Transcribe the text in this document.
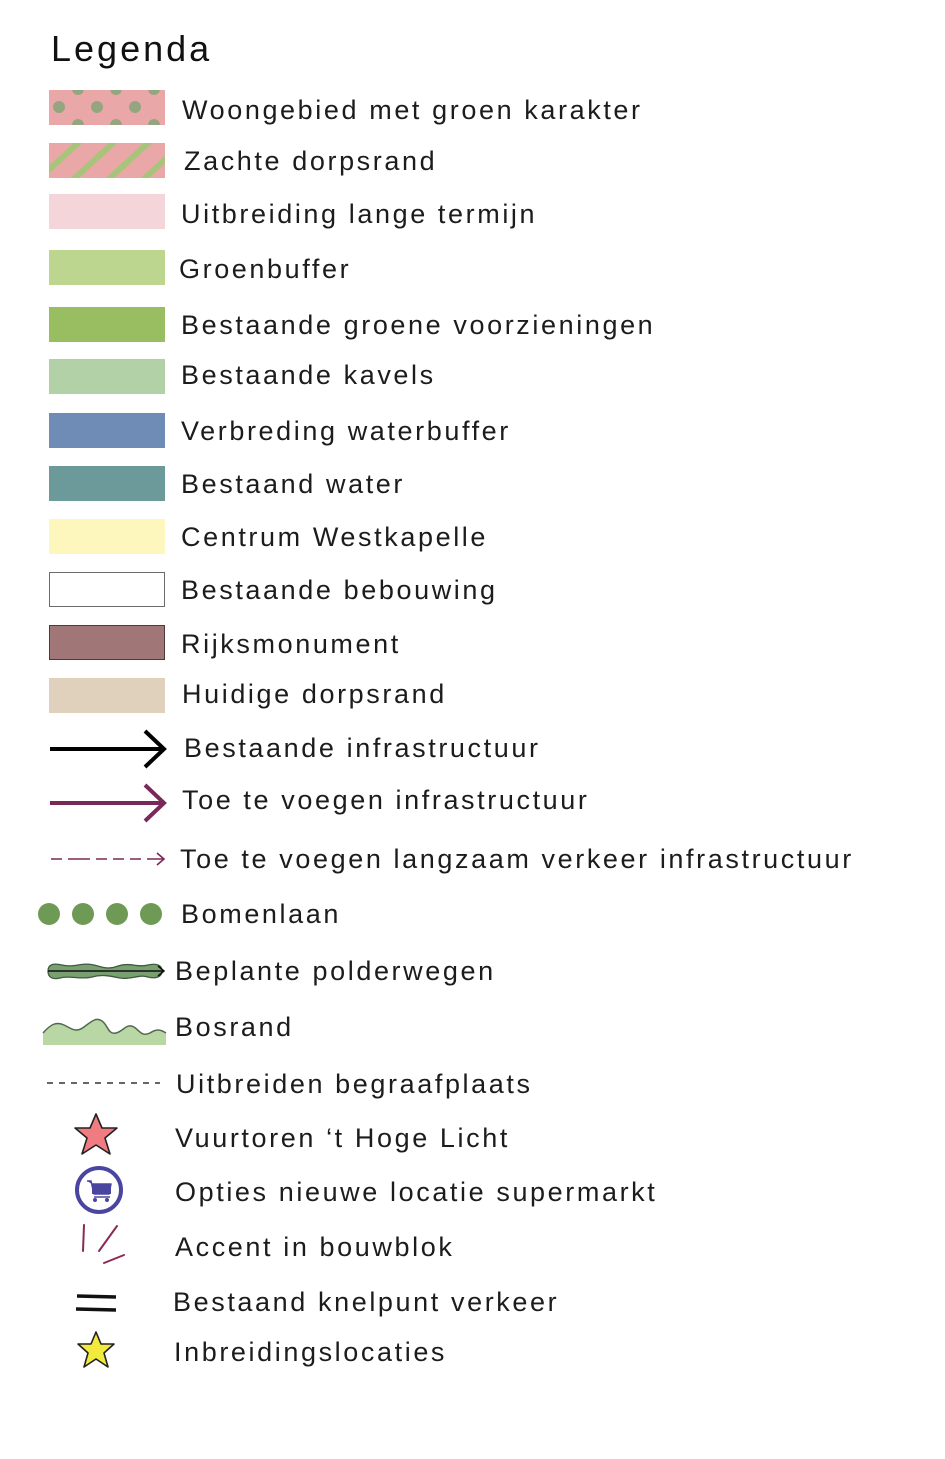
Legenda
Woongebied met groen karakter
Zachte dorpsrand
Uitbreiding lange termijn
Groenbuffer
Bestaande groene voorzieningen
Bestaande kavels
Verbreding waterbuffer
Bestaand water
Centrum Westkapelle
Bestaande bebouwing
Rijksmonument
Huidige dorpsrand
Bestaande infrastructuur
Toe te voegen infrastructuur
Toe te voegen langzaam verkeer infrastructuur
Bomenlaan
Beplante polderwegen
Bosrand
Uitbreiden begraafplaats
Vuurtoren ‘t Hoge Licht
Opties nieuwe locatie supermarkt
Accent in bouwblok
Bestaand knelpunt verkeer
Inbreidingslocaties
